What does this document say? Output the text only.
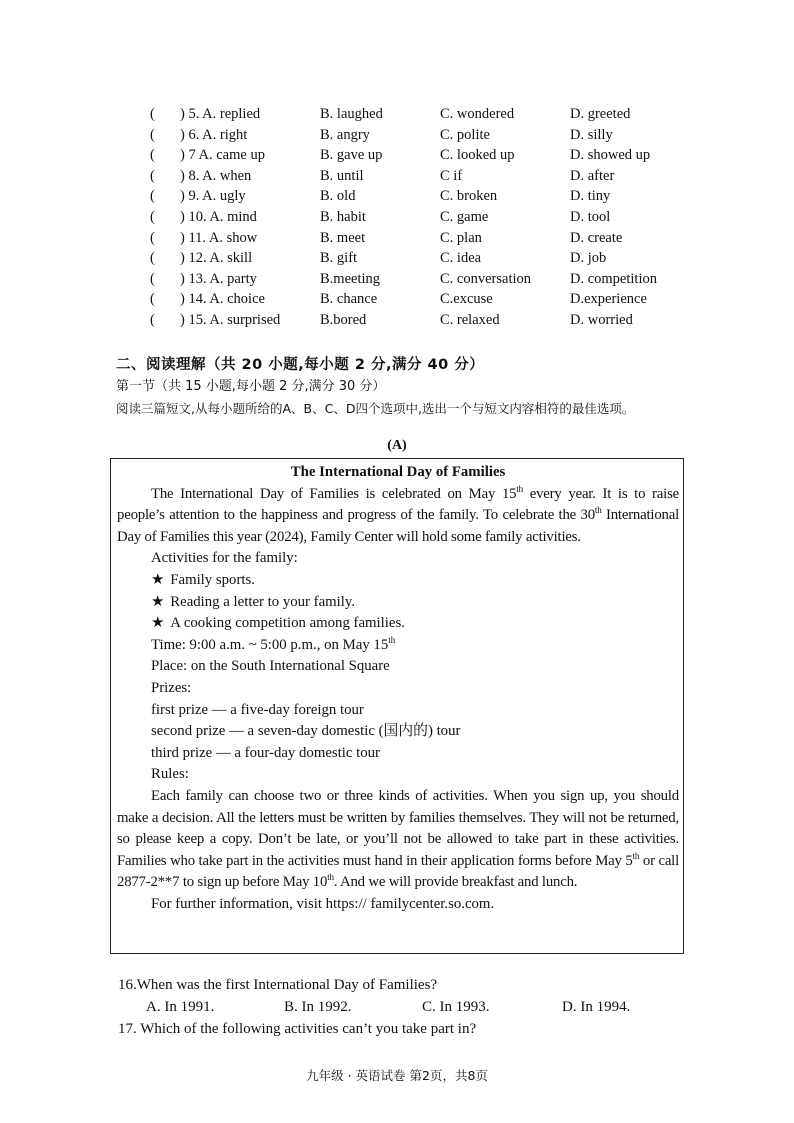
( ) 5. A. replied	B. laughed	C. wondered	D. greeted
( ) 6. A. right	B. angry	C. polite	D. silly
( ) 7 A. came up	B. gave up	C. looked up	D. showed up
( ) 8. A. when	B. until	C if	D. after
( ) 9. A. ugly	B. old	C. broken	D. tiny
( ) 10. A. mind	B. habit	C. game	D. tool
( ) 11. A. show	B. meet	C. plan	D. create
( ) 12. A. skill	B. gift	C. idea	D. job
( ) 13. A. party	B.meeting	C. conversation	D. competition
( ) 14. A. choice	B. chance	C.excuse	D.experience
( ) 15. A. surprised	B.bored	C. relaxed	D. worried
二、阅读理解（共 20 小题,每小题 2 分,满分 40 分）
第一节（共 15 小题,每小题 2 分,满分 30 分）
阅读三篇短文,从每小题所给的A、B、C、D四个选项中,选出一个与短文内容相符的最佳选项。
(A)
The International Day of Families
The International Day of Families is celebrated on May 15th every year. It is to raise people’s attention to the happiness and progress of the family. To celebrate the 30th International Day of Families this year (2024), Family Center will hold some family activities.
Activities for the family:
★ Family sports.
★ Reading a letter to your family.
★ A cooking competition among families.
Time: 9:00 a.m. ~ 5:00 p.m., on May 15th
Place: on the South International Square
Prizes:
first prize — a five-day foreign tour
second prize — a seven-day domestic (国内的) tour
third prize — a four-day domestic tour
Rules:
Each family can choose two or three kinds of activities. When you sign up, you should make a decision. All the letters must be written by families themselves. They will not be returned, so please keep a copy. Don’t be late, or you’ll not be allowed to take part in these activities. Families who take part in the activities must hand in their application forms before May 5th or call 2877-2**7 to sign up before May 10th. And we will provide breakfast and lunch.
For further information, visit https:// familycenter.so.com.
16.When was the first International Day of Families?
A. In 1991.	B. In 1992.	C. In 1993.	D. In 1994.
17. Which of the following activities can’t you take part in?
九年级 · 英语试卷 第2页，共8页
